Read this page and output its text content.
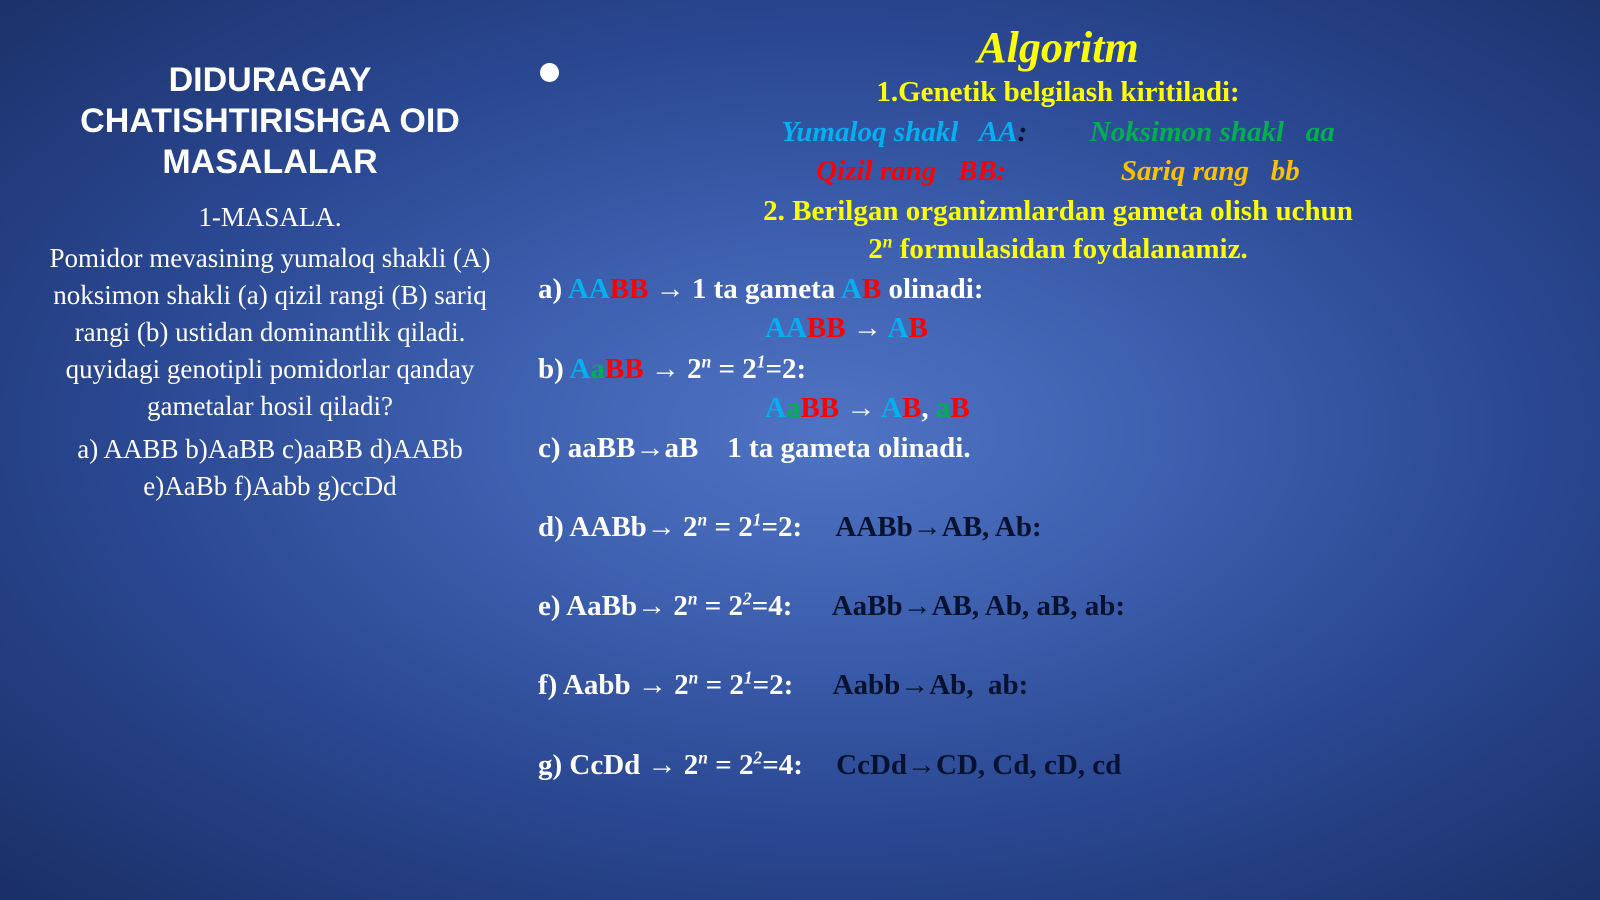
DIDURAGAY CHATISHTIRISHGA OID MASALALAR
1-MASALA.
Pomidor mevasining yumaloq shakli (A) noksimon shakli (a) qizil rangi (B) sariq rangi (b) ustidan dominantlik qiladi. quyidagi genotipli pomidorlar qanday gametalar hosil qiladi?
a) AABB b)AaBB c)aaBB d)AABb
e)AaBb f)Aabb g)ccDd
Algoritm
1.Genetik belgilash kiritiladi:
Yumaloq shakl AA: Noksimon shakl aa
Qizil rang BB:	Sariq rang bb
2. Berilgan organizmlardan gameta olish uchun
2$^n$ formulasidan foydalanamiz.
a) AABB → 1 ta gameta AB olinadi:
AABB → AB
b) AaBB → $2^n = 2^1=2$:
AaBB → AB, aB
c) aaBB→aB    1 ta gameta olinadi.
d) AABb→ $2^n = 2^1=2$: AABb→AB, Ab:
e) AaBb→ $2^n = 2^2=4$: AaBb→AB, Ab, aB, ab:
f) Aabb → $2^n = 2^1=2$: Aabb→Ab,  ab:
g) CcDd → $2^n = 2^2=4$: CcDd→CD, Cd, cD, cd
